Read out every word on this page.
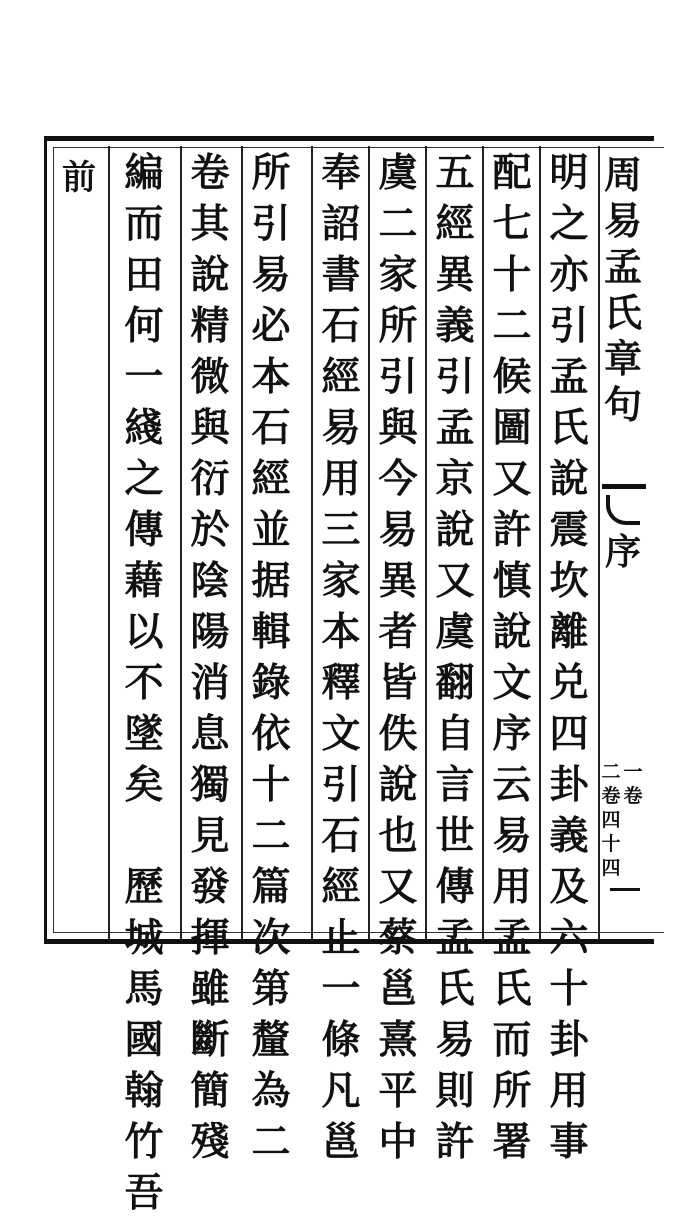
周
易
孟
氏
章
句
序
一
卷
二
卷
四
十
四
明
之
亦
引
孟
氏
說
震
坎
離
兑
四
卦
義
及
六
十
卦
用
事
配
七
十
二
候
圖
又
許
慎
說
文
序
云
易
用
孟
氏
而
所
署
五
經
異
義
引
孟
京
說
又
虞
翻
自
言
世
傳
孟
氏
易
則
許
虞
二
家
所
引
與
今
易
異
者
皆
佚
說
也
又
蔡
邕
熹
平
中
奉
詔
書
石
經
易
用
三
家
本
釋
文
引
石
經
止
一
條
凡
邕
所
引
易
必
本
石
經
並
据
輯
錄
依
十
二
篇
次
第
釐
為
二
卷
其
說
精
微
與
衍
於
陰
陽
消
息
獨
見
發
揮
雖
斷
簡
殘
編
而
田
何
一
綫
之
傳
藉
以
不
墜
矣

歷
城
馬
國
翰
竹
吾
前
